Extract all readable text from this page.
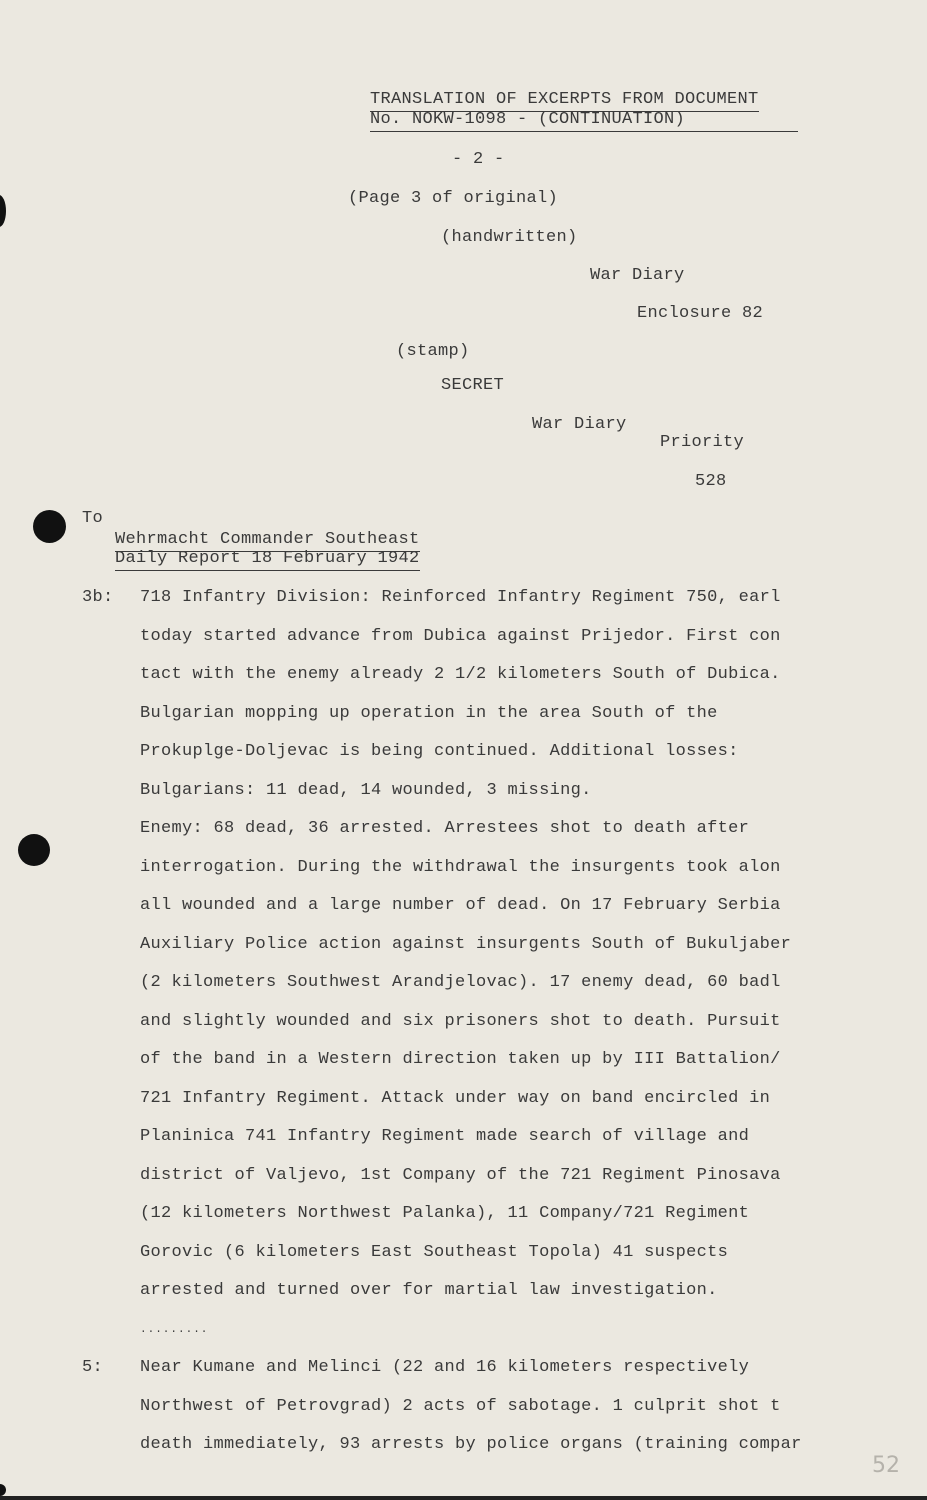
TRANSLATION OF EXCERPTS FROM DOCUMENT
No. NOKW-1098 - (CONTINUATION)
- 2 -
(Page 3 of original)
(handwritten)
War Diary
Enclosure 82
(stamp)
SECRET
War Diary
Priority
528
To
Wehrmacht Commander Southeast
Daily Report 18 February 1942
3b: 718 Infantry Division: Reinforced Infantry Regiment 750, earl
today started advance from Dubica against Prijedor. First con
tact with the enemy already 2 1/2 kilometers South of Dubica.
Bulgarian mopping up operation in the area South of the
Prokuplge-Doljevac is being continued. Additional losses:
Bulgarians: 11 dead, 14 wounded, 3 missing.
Enemy: 68 dead, 36 arrested. Arrestees shot to death after
interrogation. During the withdrawal the insurgents took alon
all wounded and a large number of dead. On 17 February Serbia
Auxiliary Police action against insurgents South of Bukuljaber
(2 kilometers Southwest Arandjelovac). 17 enemy dead, 60 badl
and slightly wounded and six prisoners shot to death. Pursuit
of the band in a Western direction taken up by III Battalion/
721 Infantry Regiment. Attack under way on band encircled in
Planinica 741 Infantry Regiment made search of village and
district of Valjevo, 1st Company of the 721 Regiment Pinosava
(12 kilometers Northwest Palanka), 11 Company/721 Regiment
Gorovic (6 kilometers East Southeast Topola) 41 suspects
arrested and turned over for martial law investigation.
.........
5: Near Kumane and Melinci (22 and 16 kilometers respectively
Northwest of Petrovgrad) 2 acts of sabotage. 1 culprit shot t
death immediately, 93 arrests by police organs (training compar
52
